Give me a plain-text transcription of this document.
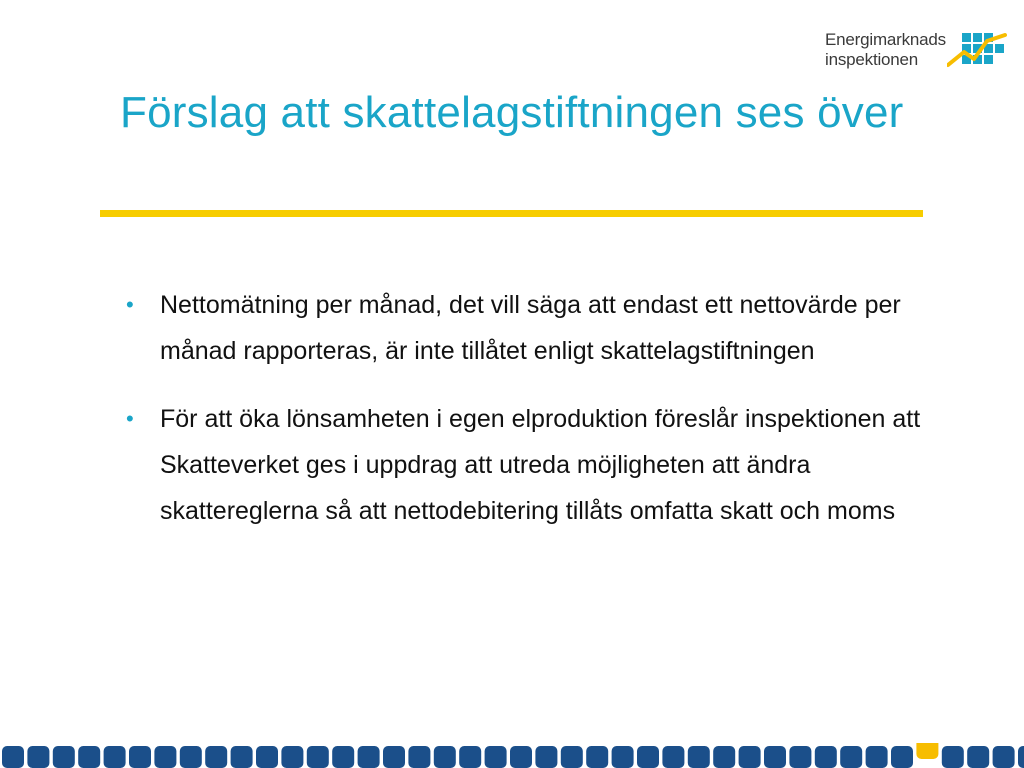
Energimarknads
inspektionen
Förslag att skattelagstiftningen ses över
• Nettomätning per månad, det vill säga att endast ett nettovärde per månad rapporteras, är inte tillåtet enligt skattelagstiftningen
• För att öka lönsamheten i egen elproduktion föreslår inspektionen att Skatteverket ges i uppdrag att utreda möjligheten att ändra skattereglerna så att nettodebitering tillåts omfatta skatt och moms
